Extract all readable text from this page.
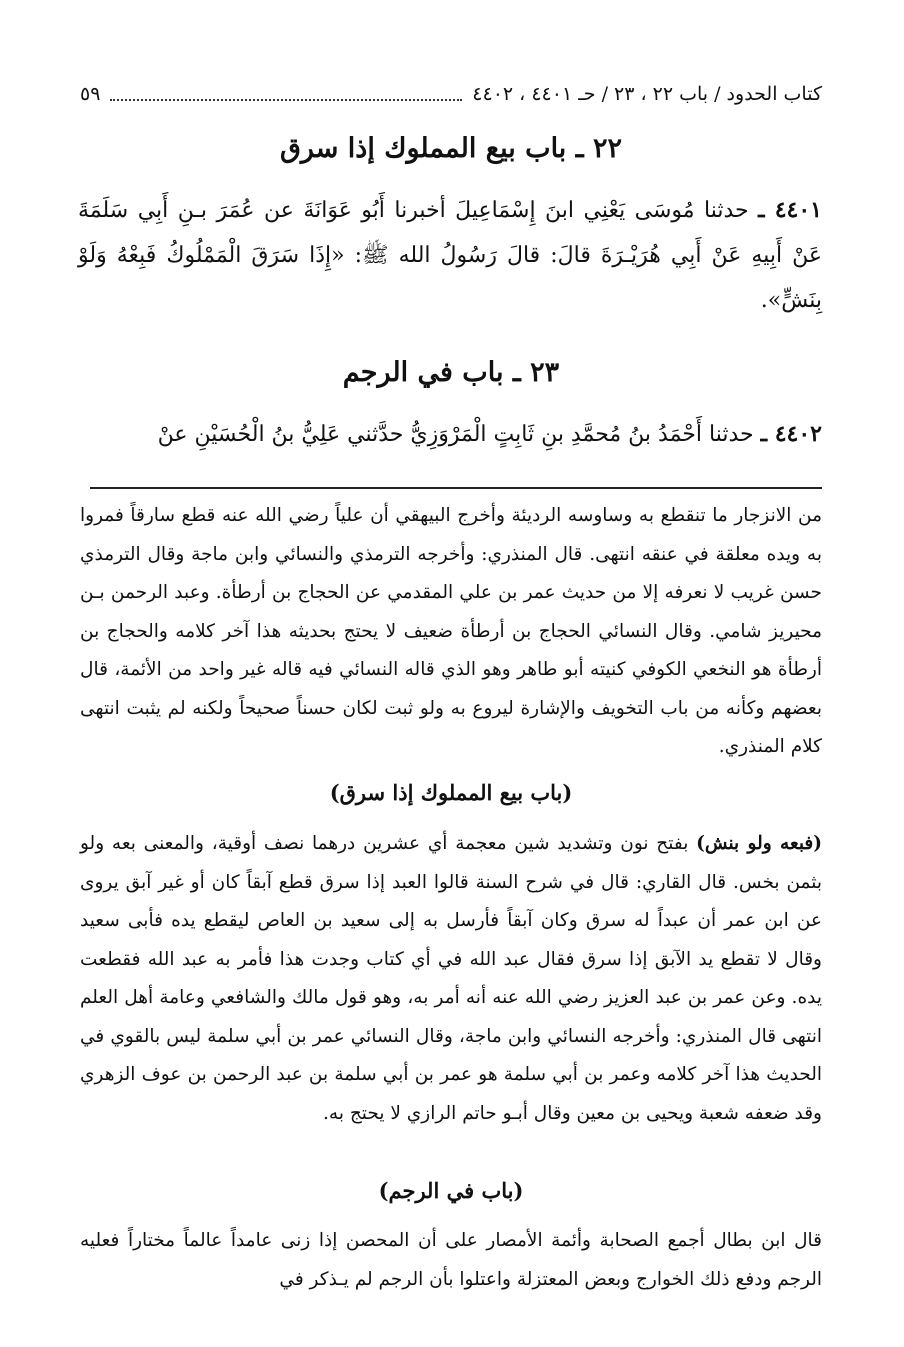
كتاب الحدود / باب ٢٢ ، ٢٣ / حـ ٤٤٠١ ، ٤٤٠٢
٥٩
٢٢ ـ باب بيع المملوك إذا سرق
٤٤٠١ ـ حدثنا مُوسَى يَعْنِي ابنَ إِسْمَاعِيلَ أخبرنا أَبُو عَوَانَةَ عن عُمَرَ بـنِ أَبِي سَلَمَةَ عَنْ أَبِيهِ عَنْ أَبِي هُرَيْـرَةَ قالَ: قالَ رَسُولُ الله ﷺ: «إِذَا سَرَقَ الْمَمْلُوكُ فَبِعْهُ وَلَوْ بِنَشٍّ».
٢٣ ـ باب في الرجم
٤٤٠٢ ـ حدثنا أَحْمَدُ بنُ مُحمَّدِ بنِ ثَابِتٍ الْمَرْوَزِيُّ حدَّثني عَلِيُّ بنُ الْحُسَيْنِ عنْ
من الانزجار ما تنقطع به وساوسه الرديئة وأخرج البيهقي أن علياً رضي الله عنه قطع سارقاً فمروا به ويده معلقة في عنقه انتهى. قال المنذري: وأخرجه الترمذي والنسائي وابن ماجة وقال الترمذي حسن غريب لا نعرفه إلا من حديث عمر بن علي المقدمي عن الحجاج بن أرطأة. وعبد الرحمن بـن محيريز شامي. وقال النسائي الحجاج بن أرطأة ضعيف لا يحتج بحديثه هذا آخر كلامه والحجاج بن أرطأة هو النخعي الكوفي كنيته أبو طاهر وهو الذي قاله النسائي فيه قاله غير واحد من الأئمة، قال بعضهم وكأنه من باب التخويف والإشارة ليروع به ولو ثبت لكان حسناً صحيحاً ولكنه لم يثبت انتهى كلام المنذري.
(باب بيع المملوك إذا سرق)
(فبعه ولو بنش) بفتح نون وتشديد شين معجمة أي عشرين درهما نصف أوقية، والمعنى بعه ولو بثمن بخس. قال القاري: قال في شرح السنة قالوا العبد إذا سرق قطع آبقاً كان أو غير آبق يروى عن ابن عمر أن عبداً له سرق وكان آبقاً فأرسل به إلى سعيد بن العاص ليقطع يده فأبى سعيد وقال لا تقطع يد الآبق إذا سرق فقال عبد الله في أي كتاب وجدت هذا فأمر به عبد الله فقطعت يده. وعن عمر بن عبد العزيز رضي الله عنه أنه أمر به، وهو قول مالك والشافعي وعامة أهل العلم انتهى قال المنذري: وأخرجه النسائي وابن ماجة، وقال النسائي عمر بن أبي سلمة ليس بالقوي في الحديث هذا آخر كلامه وعمر بن أبي سلمة هو عمر بن أبي سلمة بن عبد الرحمن بن عوف الزهري وقد ضعفه شعبة ويحيى بن معين وقال أبـو حاتم الرازي لا يحتج به.
(باب في الرجم)
قال ابن بطال أجمع الصحابة وأئمة الأمصار على أن المحصن إذا زنى عامداً عالماً مختاراً فعليه الرجم ودفع ذلك الخوارج وبعض المعتزلة واعتلوا بأن الرجم لم يـذكر في
